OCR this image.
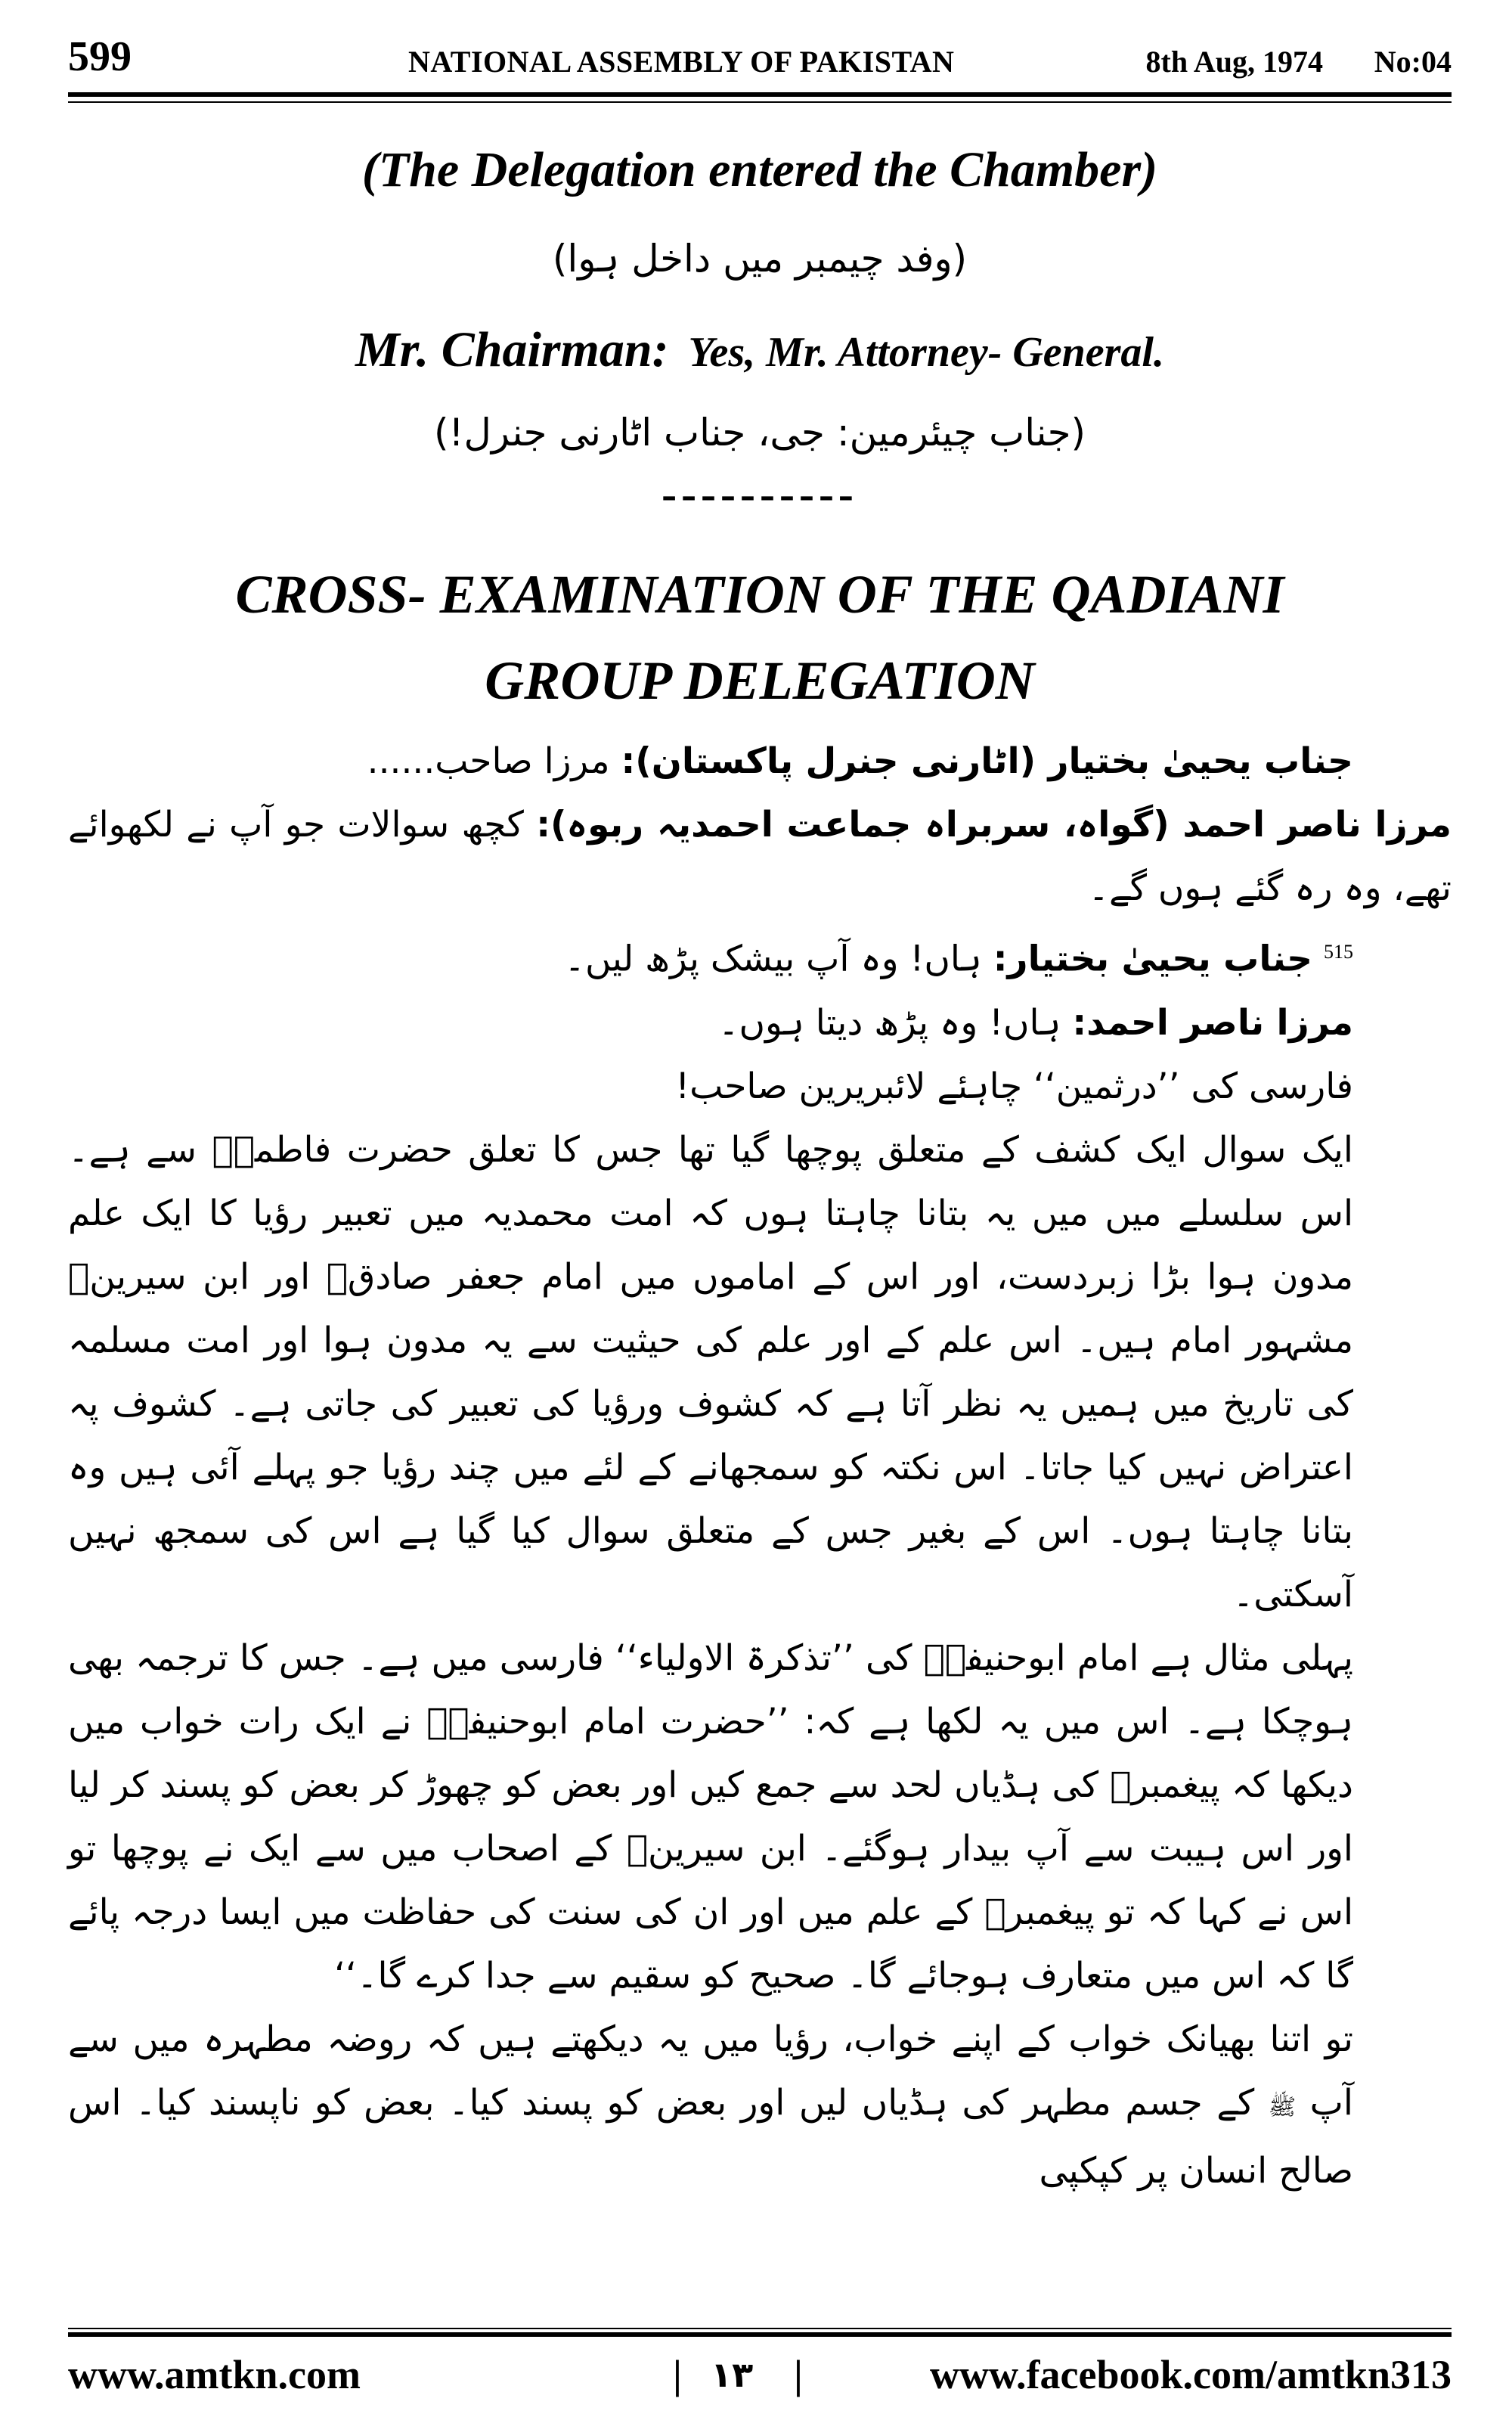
599	NATIONAL ASSEMBLY OF PAKISTAN	8th Aug, 1974 No:04
(The Delegation entered the Chamber)
(وفد چیمبر میں داخل ہوا)
Mr. Chairman: Yes, Mr. Attorney- General.
(جناب چیئرمین: جی، جناب اٹارنی جنرل!)
----------
CROSS- EXAMINATION OF THE QADIANI
GROUP DELEGATION

جناب یحییٰ بختیار (اٹارنی جنرل پاکستان): مرزا صاحب......

مرزا ناصر احمد (گواہ، سربراہ جماعت احمدیہ ربوہ): کچھ سوالات جو آپ نے لکھوائے تھے، وہ رہ گئے ہوں گے۔

$^{515}$ جناب یحییٰ بختیار: ہاں! وہ آپ بیشک پڑھ لیں۔

مرزا ناصر احمد: ہاں! وہ پڑھ دیتا ہوں۔

فارسی کی ’’درثمین‘‘ چاہئے لائبریرین صاحب!

ایک سوال ایک کشف کے متعلق پوچھا گیا تھا جس کا تعلق حضرت فاطمہؓ سے ہے۔ اس سلسلے میں میں یہ بتانا چاہتا ہوں کہ امت محمدیہ میں تعبیر رؤیا کا ایک علم مدون ہوا بڑا زبردست، اور اس کے اماموں میں امام جعفر صادقؒ اور ابن سیرینؒ مشہور امام ہیں۔ اس علم کے اور علم کی حیثیت سے یہ مدون ہوا اور امت مسلمہ کی تاریخ میں ہمیں یہ نظر آتا ہے کہ کشوف ورؤیا کی تعبیر کی جاتی ہے۔ کشوف پہ اعتراض نہیں کیا جاتا۔ اس نکتہ کو سمجھانے کے لئے میں چند رؤیا جو پہلے آئی ہیں وہ بتانا چاہتا ہوں۔ اس کے بغیر جس کے متعلق سوال کیا گیا ہے اس کی سمجھ نہیں آسکتی۔

پہلی مثال ہے امام ابوحنیفہؒ کی ’’تذکرۃ الاولیاء‘‘ فارسی میں ہے۔ جس کا ترجمہ بھی ہوچکا ہے۔ اس میں یہ لکھا ہے کہ: ’’حضرت امام ابوحنیفہؒ نے ایک رات خواب میں دیکھا کہ پیغمبرؐ کی ہڈیاں لحد سے جمع کیں اور بعض کو چھوڑ کر بعض کو پسند کر لیا اور اس ہیبت سے آپ بیدار ہوگئے۔ ابن سیرینؒ کے اصحاب میں سے ایک نے پوچھا تو اس نے کہا کہ تو پیغمبرؐ کے علم میں اور ان کی سنت کی حفاظت میں ایسا درجہ پائے گا کہ اس میں متعارف ہوجائے گا۔ صحیح کو سقیم سے جدا کرے گا۔‘‘

تو اتنا بھیانک خواب کے اپنے خواب، رؤیا میں یہ دیکھتے ہیں کہ روضہ مطہرہ میں سے آپ ﷺ کے جسم مطہر کی ہڈیاں لیں اور بعض کو پسند کیا۔ بعض کو ناپسند کیا۔ اس صالح انسان پر کپکپی

www.amtkn.com	| ۱۳ |	www.facebook.com/amtkn313
